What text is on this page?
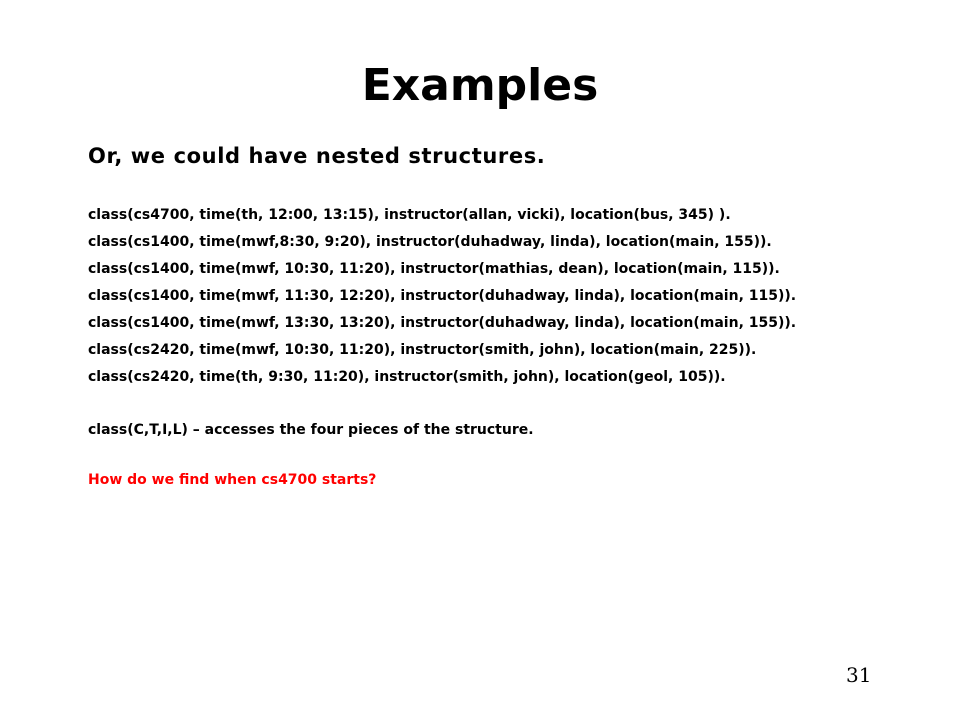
Examples

Or, we could have nested structures.

class(cs4700, time(th, 12:00, 13:15), instructor(allan, vicki), location(bus, 345) ).
class(cs1400, time(mwf,8:30, 9:20), instructor(duhadway, linda), location(main, 155)).
class(cs1400, time(mwf, 10:30, 11:20), instructor(mathias, dean), location(main, 115)).
class(cs1400, time(mwf, 11:30, 12:20), instructor(duhadway, linda), location(main, 115)).
class(cs1400, time(mwf, 13:30, 13:20), instructor(duhadway, linda), location(main, 155)).
class(cs2420, time(mwf, 10:30, 11:20), instructor(smith, john), location(main, 225)).
class(cs2420, time(th, 9:30, 11:20), instructor(smith, john), location(geol, 105)).

class(C,T,I,L) – accesses the four pieces of the structure.

How do we find when cs4700 starts?

31
